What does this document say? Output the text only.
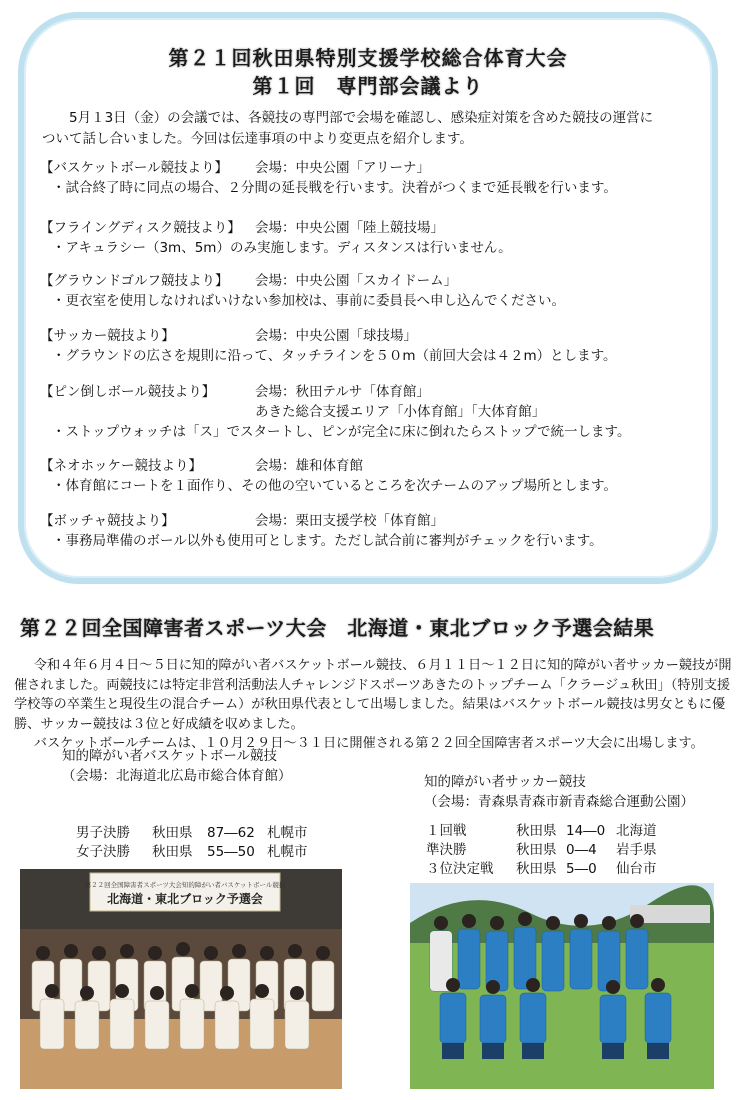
第２１回秋田県特別支援学校総合体育大会
第１回　専門部会議より
5月１3日（金）の会議では、各競技の専門部で会場を確認し、感染症対策を含めた競技の運営について話し合いました。今回は伝達事項の中より変更点を紹介します。
【バスケットボール競技より】	会場：中央公園「アリーナ」
・試合終了時に同点の場合、２分間の延長戦を行います。決着がつくまで延長戦を行います。
【フライングディスク競技より】	会場：中央公園「陸上競技場」
・アキュラシー（3m、5m）のみ実施します。ディスタンスは行いません。
【グラウンドゴルフ競技より】	会場：中央公園「スカイドーム」
・更衣室を使用しなければいけない参加校は、事前に委員長へ申し込んでください。
【サッカー競技より】	会場：中央公園「球技場」
・グラウンドの広さを規則に沿って、タッチラインを５０m（前回大会は４２m）とします。
【ピン倒しボール競技より】	会場：秋田テルサ「体育館」
あきた総合支援エリア「小体育館」「大体育館」
・ストップウォッチは「ス」でスタートし、ピンが完全に床に倒れたらストップで統一します。
【ネオホッケー競技より】	会場：雄和体育館
・体育館にコートを１面作り、その他の空いているところを次チームのアップ場所とします。
【ボッチャ競技より】	会場：栗田支援学校「体育館」
・事務局準備のボール以外も使用可とします。ただし試合前に審判がチェックを行います。
第２２回全国障害者スポーツ大会　北海道・東北ブロック予選会結果

令和４年６月４日～５日に知的障がい者バスケットボール競技、６月１１日～１２日に知的障がい者サッカー競技が開催されました。両競技には特定非営利活動法人チャレンジドスポーツあきたのトップチーム「クラージュ秋田」（特別支援学校等の卒業生と現役生の混合チーム）が秋田県代表として出場しました。結果はバスケットボール競技は男女ともに優勝、サッカー競技は３位と好成績を収めました。

バスケットボールチームは、１０月２９日～３１日に開催される第２２回全国障害者スポーツ大会に出場します。

知的障がい者バスケットボール競技
（会場：北海道北広島市総合体育館）
男子決勝	秋田県	87―62 札幌市
女子決勝	秋田県	55―50 札幌市
知的障がい者サッカー競技
（会場：青森県青森市新青森総合運動公園）
１回戦	秋田県 14―0 北海道
準決勝	秋田県 0―4	岩手県
３位決定戦	秋田県 5―0	仙台市
第２２回全国障害者スポーツ大会知的障がい者バスケットボール競技
北海道・東北ブロック予選会
